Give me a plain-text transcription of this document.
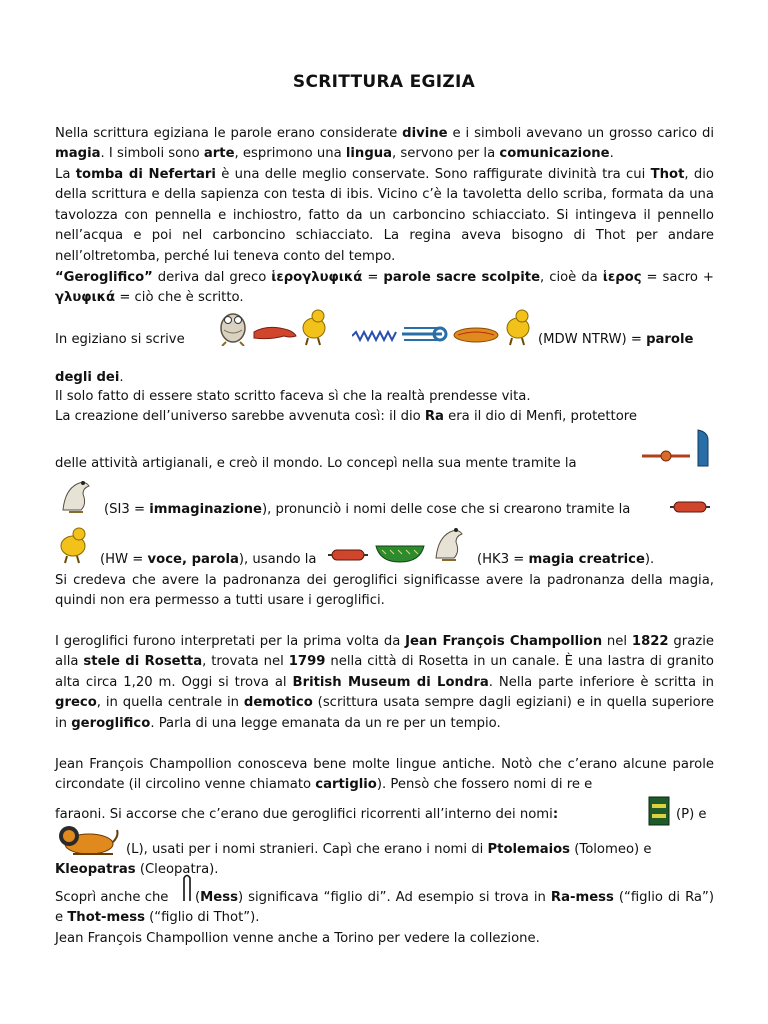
SCRITTURA EGIZIA

Nella scrittura egiziana le parole erano considerate divine e i simboli avevano un grosso carico di magia. I simboli sono arte, esprimono una lingua, servono per la comunicazione.

La tomba di Nefertari è una delle meglio conservate. Sono raffigurate divinità tra cui Thot, dio della scrittura e della sapienza con testa di ibis. Vicino c’è la tavoletta dello scriba, formata da una tavolozza con pennella e inchiostro, fatto da un carboncino schiacciato. Si intingeva il pennello nell’acqua e poi nel carboncino schiacciato. La regina aveva bisogno di Thot per andare nell’oltretomba, perché lui teneva conto del tempo.

“Geroglifico” deriva dal greco ἱερογλυφικά = parole sacre scolpite, cioè da ἱερος = sacro + γλυφικά = ciò che è scritto.

In egiziano si scrive	(MDW NTRW) = parole
degli dei.
Il solo fatto di essere stato scritto faceva sì che la realtà prendesse vita.
La creazione dell’universo sarebbe avvenuta così: il dio Ra era il dio di Menfi, protettore
delle attività artigianali, e creò il mondo. Lo concepì nella sua mente tramite la
(SI3 = immaginazione), pronunciò i nomi delle cose che si crearono tramite la
(HW = voce, parola), usando la	(HK3 = magia creatrice).

Si credeva che avere la padronanza dei geroglifici significasse avere la padronanza della magia, quindi non era permesso a tutti usare i geroglifici.

I geroglifici furono interpretati per la prima volta da Jean François Champollion nel 1822 grazie alla stele di Rosetta, trovata nel 1799 nella città di Rosetta in un canale. È una lastra di granito alta circa 1,20 m. Oggi si trova al British Museum di Londra. Nella parte inferiore è scritta in greco, in quella centrale in demotico (scrittura usata sempre dagli egiziani) e in quella superiore in geroglifico. Parla di una legge emanata da un re per un tempio.

Jean François Champollion conosceva bene molte lingue antiche. Notò che c’erano alcune parole circondate (il circolino venne chiamato cartiglio). Pensò che fossero nomi di re e

faraoni. Si accorse che c’erano due geroglifici ricorrenti all’interno dei nomi:	(P) e
(L), usati per i nomi stranieri. Capì che erano i nomi di Ptolemaios (Tolomeo) e
Kleopatras (Cleopatra).
Scoprì anche che	(Mess) significava “figlio di”. Ad esempio si trova in Ra-mess (“figlio di Ra”) e Thot-mess (“figlio di Thot”).

Jean François Champollion venne anche a Torino per vedere la collezione.
